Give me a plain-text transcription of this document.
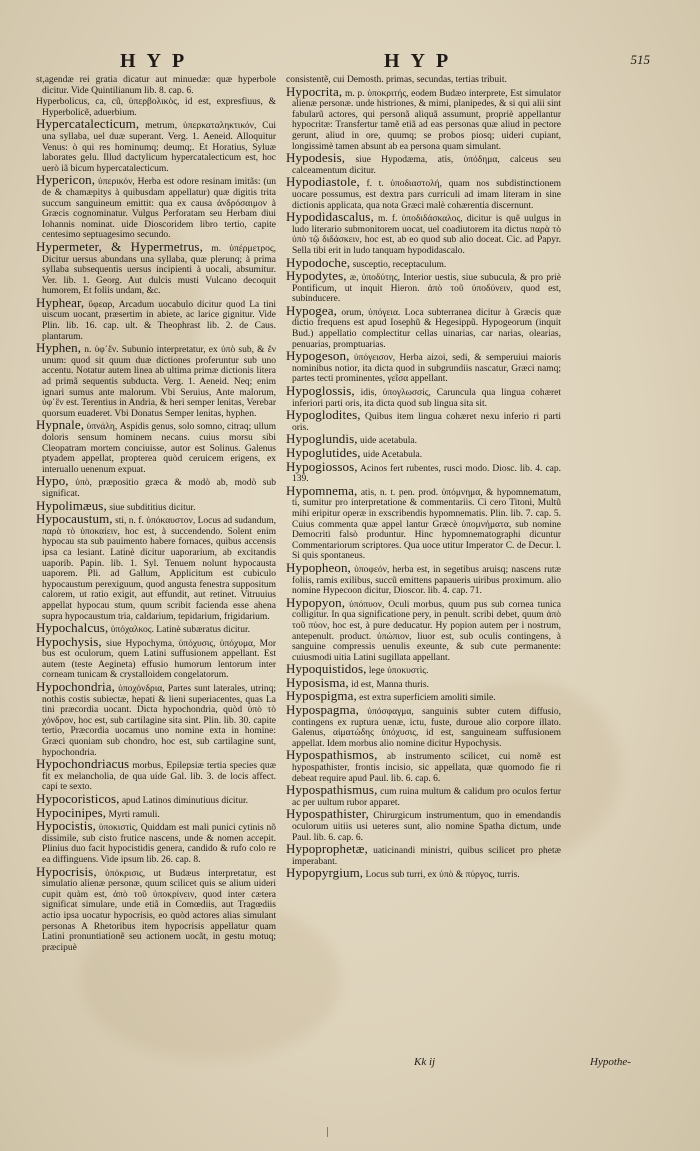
HYP	HYP	515

st,agendæ rei gratia dicatur aut minuedæ: quæ hyperbole dicitur. Vide Quintilianum lib. 8. cap. 6.

Hyperbolicus, ca, cũ, ὑπερβολικὸς, id est, expresfiuus, & Hyperbolicẽ, aduerbium.

Hypercatalecticum, metrum, ὑπερκαταληκτικόν, Cui una syllaba, uel duæ superant. Verg. 1. Aeneid. Alloquitur Venus: ò qui res hominumq; deumq;. Et Horatius, Syluæ laborates gelu. Illud dactylicum hypercatalecticum est, hoc uerò iã bicum hypercatalecticum.

Hypericon, ὑπερικόν, Herba est odore resinam imitãs: (un de & chamæpitys à quibusdam appellatur) quæ digitis trita succum sanguineum emittit: qua ex causa ἀνδρόσαιμον à Græcis cognominatur. Vulgus Perforatam seu Herbam diui Iohannis nominat. uide Dioscoridem libro tertio, capite centesimo septuagesimo secundo.

Hypermeter, & Hypermetrus, m. ὑπέρμετρος, Dicitur uersus abundans una syllaba, quæ plerunq; à prima syllaba subsequentis uersus incipienti à uocali, absumitur. Ver. lib. 1. Georg. Aut dulcis musti Vulcano decoquit humorem, Et foliis undam, &c.

Hyphear, ὕφεαρ, Arcadum uocabulo dicitur quod La tini uiscum uocant, præsertim in abiete, ac larice gignitur. Vide Plin. lib. 16. cap. ult. & Theophrast lib. 2. de Caus. plantarum.

Hyphen, n. ὑφ᾽ἕν. Subunio interpretatur, ex ὑπὸ sub, & ἕν unum: quod sit quum duæ dictiones proferuntur sub uno accentu. Notatur autem linea ab ultima primæ dictionis litera ad primã sequentis subducta. Verg. 1. Aeneid. Neq; enim ignari sumus ante malorum. Vbi Seruius, Ante malorum, ὑφ᾽ἓν est. Terentius in Andria, & heri semper lenitas, Verebar quorsum euaderet. Vbi Donatus Semper lenitas, hyphen.

Hypnale, ὑπνάλη, Aspidis genus, solo somno, citraq; ullum doloris sensum hominem necans. cuius morsu sibi Cleopatram mortem conciuisse, autor est Solinus. Galenus ptyadem appellat, propterea quòd ceruicem erigens, ex interuallo uenenum expuat.

Hypo, ὑπὸ, præpositio græca & modò ab, modò sub significat.

Hypolimæus, siue subdititius dicitur.

Hypocaustum, sti, n. f. ὑπόκαυστον, Locus ad sudandum, παρὰ τὸ ὑποκαίειν, hoc est, à succendendo. Solent enim hypocau sta sub pauimento habere fornaces, quibus accensis ipsa ca lesiant. Latinè dicitur uaporarium, ab excitandis uaporib. Papin. lib. 1. Syl. Tenuem nolunt hypocausta uaporem. Pli. ad Gallum, Applicitum est cubiculo hypocaustum perexiguum, quod angusta fenestra suppositum calorem, ut ratio exigit, aut effundit, aut retinet. Vitruuius appellat hypocau stum, quum scribit facienda esse ahena supra hypocaustum tria, caldarium, tepidarium, frigidarium.

Hypochalcus, ὑπόχαλκος. Latinè subæratus dicitur.

Hypochysis, siue Hypochyma, ὑπόχυσις, ὑπόχυμα, Mor bus est oculorum, quem Latini suffusionem appellant. Est autem (teste Aegineta) effusio humorum lentorum inter corneam tunicam & crystalloidem congelatorum.

Hypochondria, ὑποχόνδρια, Partes sunt laterales, utrinq; nothis costis subiectæ, hepati & lieni superiacentes, quas La tini præcordia uocant. Dicta hypochondria, quòd ὑπὸ τὸ χόνδρον, hoc est, sub cartilagine sita sint. Plin. lib. 30. capite tertio, Præcordia uocamus uno nomine exta in homine: Græci quoniam sub chondro, hoc est, sub cartilagine sunt, hypochondria.

Hypochondriacus morbus, Epilepsiæ tertia species quæ fit ex melancholia, de qua uide Gal. lib. 3. de locis affect. capi te sexto.

Hypocoristicos, apud Latinos diminutiuus dicitur.

Hypocinipes, Myrti ramuli.

Hypocistis, ὑποκιστὶς, Quiddam est mali punici cytinis nõ dissimile, sub cisto frutice nascens, unde & nomen accepit. Plinius duo facit hypocistidis genera, candido & rufo colo re ea diffinguens. Vide ipsum lib. 26. cap. 8.

Hypocrisis, ὑπόκρισις, ut Budæus interpretatur, est simulatio alienæ personæ, quum scilicet quis se alium uideri cupit quàm est, ἀπὸ τοῦ ὑποκρίνειν, quod inter cætera significat simulare, unde etiã in Comœdiis, aut Tragœdiis actio ipsa uocatur hypocrisis, eo quòd actores alias simulant personas A Rhetoribus item hypocrisis appellatur quam Latini pronuntiationẽ seu actionem uocãt, in gestu motuq; præcipuè

consistentẽ, cui Demosth. primas, secundas, tertias tribuit.

Hypocrita, m. p. ὑποκριτής, eodem Budæo interprete, Est simulator alienæ personæ. unde histriones, & mimi, planipedes, & si qui alii sint fabularũ actores, qui personã aliquã assumunt, propriè appellantur hypocritæ: Transfertur tamẽ etiã ad eas personas quæ aliud in pectore gerunt, aliud in ore, quumq; se probos piosq; uideri cupiant, longissimè tamen absunt ab ea persona quam simulant.

Hypodesis, siue Hypodæma, atis, ὑπόδημα, calceus seu calceamentum dicitur.

Hypodiastole, f. t. ὑποδιαστολή, quam nos subdistinctionem uocare possumus, est dextra pars curriculi ad imam literam in sine dictionis applicata, qua nota Græci malè cohærentia discernunt.

Hypodidascalus, m. f. ὑποδιδάσκαλος, dicitur is quẽ uulgus in ludo literario submonitorem uocat, uel coadiutorem ita dictus παρὰ τὸ ὑπὸ τῷ διδάσκειν, hoc est, ab eo quod sub alio doceat. Cic. ad Papyr. Sella tibi erit in ludo tanquam hypodidascalo.

Hypodoche, susceptio, receptaculum.

Hypodytes, æ, ὑποδύτης, Interior uestis, siue subucula, & pro priè Pontificum, ut inquit Hieron. ἀπὸ τοῦ ὑποδύνειν, quod est, subinducere.

Hypogea, orum, ὑπόγεια. Loca subterranea dicitur à Græcis quæ dictio frequens est apud Iosephũ & Hegesippũ. Hypogeorum (inquit Bud.) appellatio complectitur cellas uinarias, car narias, olearias, penuarias, promptuarias.

Hypogeson, ὑπόγεισον, Herba aizoi, sedi, & semperuiui maioris nominibus notior, ita dicta quod in subgrundiis nascatur, Græci namq; partes tecti prominentes, γεῖσα appellant.

Hypoglossis, idis, ὑπογλωσσίς, Caruncula qua lingua cohæret inferiori parti oris, ita dicta quod sub lingua sita sit.

Hypoglodites, Quibus item lingua cohæret nexu inferio ri parti oris.

Hypoglundis, uide acetabula.

Hypoglutides, uide Acetabula.

Hypogiossos, Acinos fert rubentes, rusci modo. Diosc. lib. 4. cap. 139.

Hypomnema, atis, n. t. pen. prod. ὑπόμνημα, & hypomnematum, ti, sumitur pro interpretatione & commentariis. Ci cero Titoni, Multũ mihi eripitur operæ in exscribendis hypomnematis. Plin. lib. 7. cap. 5. Cuius commenta quæ appel lantur Græcè ὑπομνήματα, sub nomine Democriti falsò produntur. Hinc hypomnematographi dicuntur Commentariorum scriptores. Qua uoce utitur Imperator C. de Decur. l. Si quis spontaneus.

Hypopheon, ὑποφεόν, herba est, in segetibus aruisq; nascens rutæ foliis, ramis exilibus, succũ emittens papaueris uiribus proximum. alio nomine Hypecoon dicitur, Dioscor. lib. 4. cap. 71.

Hypopyon, ὑπόπυον, Oculi morbus, quum pus sub cornea tunica colligitur. In qua significatione pery, in penult. scribi debet, quum ἀπὸ τοῦ πύον, hoc est, à pure deducatur. Hy popion autem per i nostrum, antepenult. product. ὑπώπιον, liuor est, sub oculis contingens, à sanguine compressis uenulis exeunte, & sub cute permanente: cuiusmodi uitia Latini sugillata appellant.

Hypoquistidos, lege ὑποκυστὶς.

Hyposisma, id est, Manna thuris.

Hypospigma, est extra superficiem amoliti simile.

Hypospagma, ὑπόσφαγμα, sanguinis subter cutem diffusio, contingens ex ruptura uenæ, ictu, fuste, duroue alio corpore illato. Galenus, αἱματώδης ὑπόχυσις, id est, sanguineam suffusionem appellat. Idem morbus alio nomine dicitur Hypochysis.

Hypospathismos, ab instrumento scilicet, cui nomẽ est hypospathister, frontis incisio, sic appellata, quæ quomodo fie ri debeat require apud Paul. lib. 6. cap. 6.

Hypospathismus, cum ruina multum & calidum pro oculos fertur ac per uultum rubor apparet.

Hypospathister, Chirurgicum instrumentum, quo in emendandis oculorum uitiis usi ueteres sunt, alio nomine Spatha dictum, unde Paul. lib. 6. cap. 6.

Hypoprophetæ, uaticinandi ministri, quibus scilicet pro phetæ imperabant.

Hypopyrgium, Locus sub turri, ex ὑπὸ & πύργος, turris.

Kk ij	Hypothe-
